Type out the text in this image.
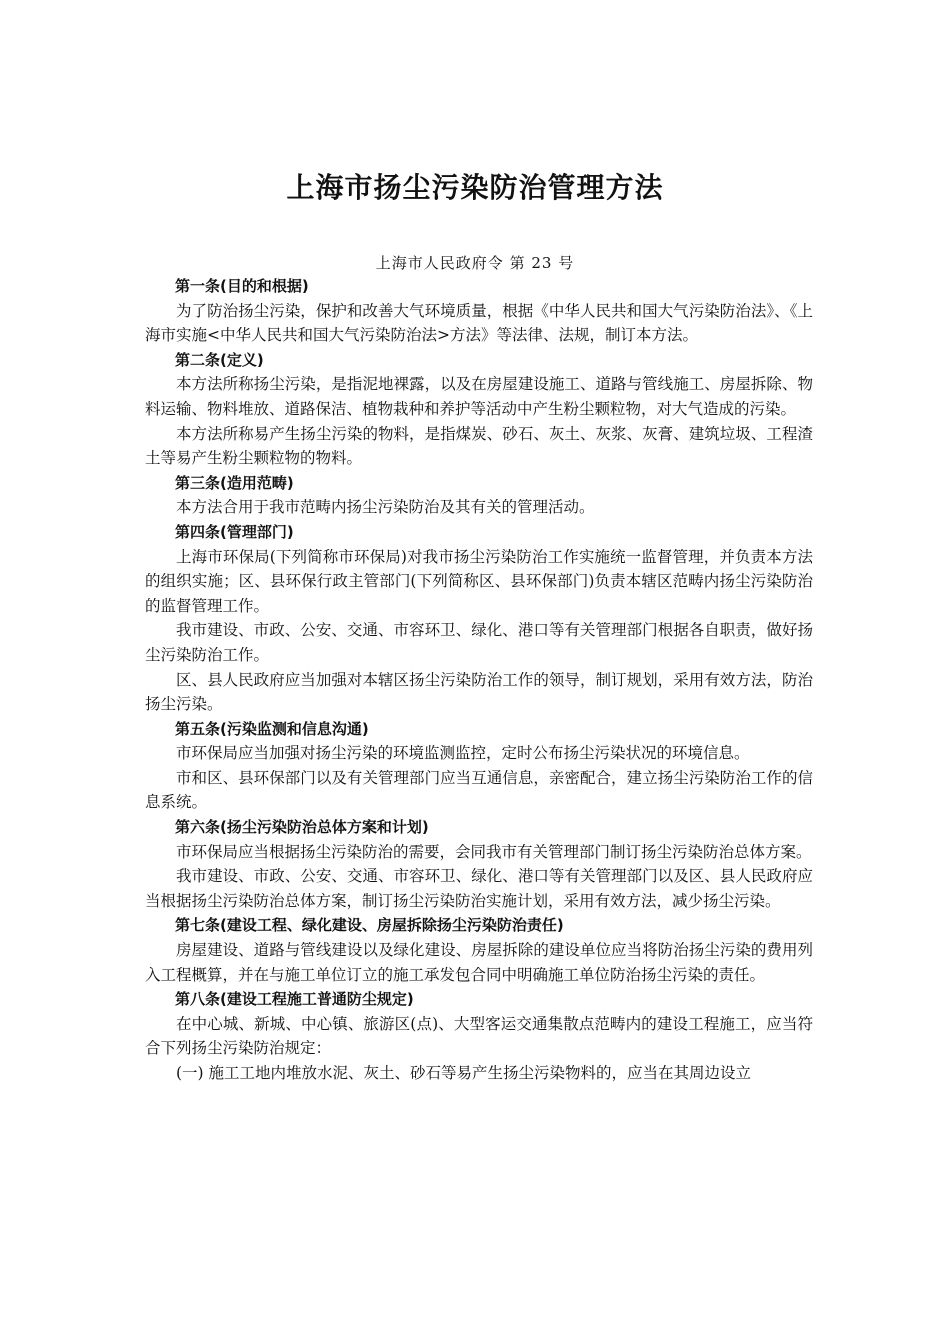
上海市扬尘污染防治管理方法
上海市人民政府令 第 23 号

第一条(目的和根据)

为了防治扬尘污染，保护和改善大气环境质量，根据《中华人民共和国大气污染防治法》、《上海市实施<中华人民共和国大气污染防治法>方法》等法律、法规，制订本方法。

第二条(定义)

本方法所称扬尘污染，是指泥地裸露，以及在房屋建设施工、道路与管线施工、房屋拆除、物料运输、物料堆放、道路保洁、植物栽种和养护等活动中产生粉尘颗粒物，对大气造成的污染。

本方法所称易产生扬尘污染的物料，是指煤炭、砂石、灰土、灰浆、灰膏、建筑垃圾、工程渣土等易产生粉尘颗粒物的物料。

第三条(造用范畴)

本方法合用于我市范畴内扬尘污染防治及其有关的管理活动。

第四条(管理部门)

上海市环保局(下列简称市环保局)对我市扬尘污染防治工作实施统一监督管理，并负责本方法的组织实施；区、县环保行政主管部门(下列简称区、县环保部门)负责本辖区范畴内扬尘污染防治的监督管理工作。

我市建设、市政、公安、交通、市容环卫、绿化、港口等有关管理部门根据各自职责，做好扬尘污染防治工作。

区、县人民政府应当加强对本辖区扬尘污染防治工作的领导，制订规划，采用有效方法，防治扬尘污染。

第五条(污染监测和信息沟通)

市环保局应当加强对扬尘污染的环境监测监控，定时公布扬尘污染状况的环境信息。

市和区、县环保部门以及有关管理部门应当互通信息，亲密配合，建立扬尘污染防治工作的信息系统。

第六条(扬尘污染防治总体方案和计划)

市环保局应当根据扬尘污染防治的需要，会同我市有关管理部门制订扬尘污染防治总体方案。

我市建设、市政、公安、交通、市容环卫、绿化、港口等有关管理部门以及区、县人民政府应当根据扬尘污染防治总体方案，制订扬尘污染防治实施计划，采用有效方法，减少扬尘污染。

第七条(建设工程、绿化建设、房屋拆除扬尘污染防治责任)

房屋建设、道路与管线建设以及绿化建设、房屋拆除的建设单位应当将防治扬尘污染的费用列入工程概算，并在与施工单位订立的施工承发包合同中明确施工单位防治扬尘污染的责任。

第八条(建设工程施工普通防尘规定)

在中心城、新城、中心镇、旅游区(点)、大型客运交通集散点范畴内的建设工程施工，应当符合下列扬尘污染防治规定：

(一) 施工工地内堆放水泥、灰土、砂石等易产生扬尘污染物料的，应当在其周边设立
